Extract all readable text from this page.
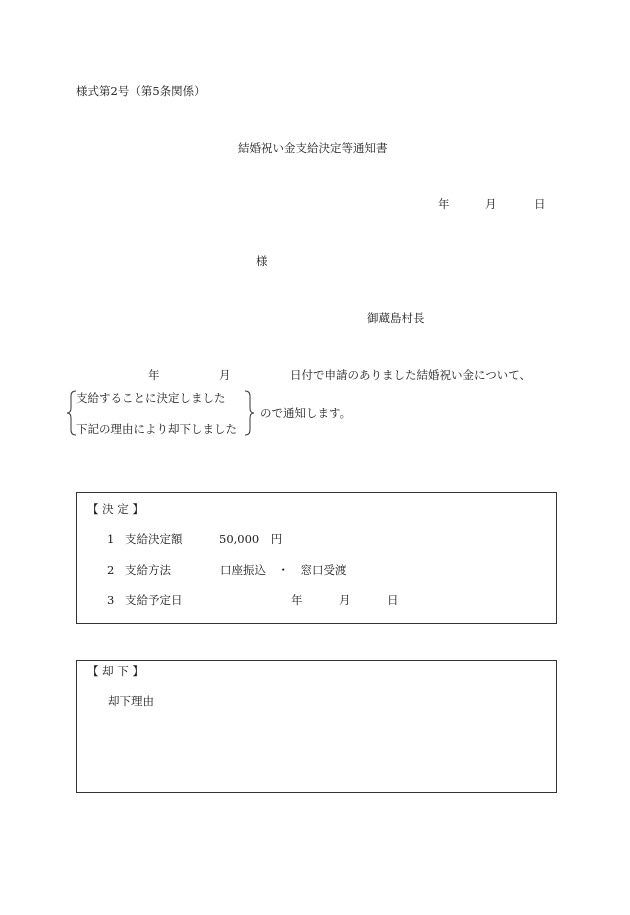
様式第2号（第5条関係）
結婚祝い金支給決定等通知書
年	月	日
様
御蔵島村長
年	月	日付で申請のありました結婚祝い金について、
支給することに決定しました
下記の理由により却下しました
ので通知します。
【 決 定 】
1 支給決定額	50,000　円
2 支給方法	口座振込　・　窓口受渡
3 支給予定日	年	月	日
【 却 下 】
却下理由
